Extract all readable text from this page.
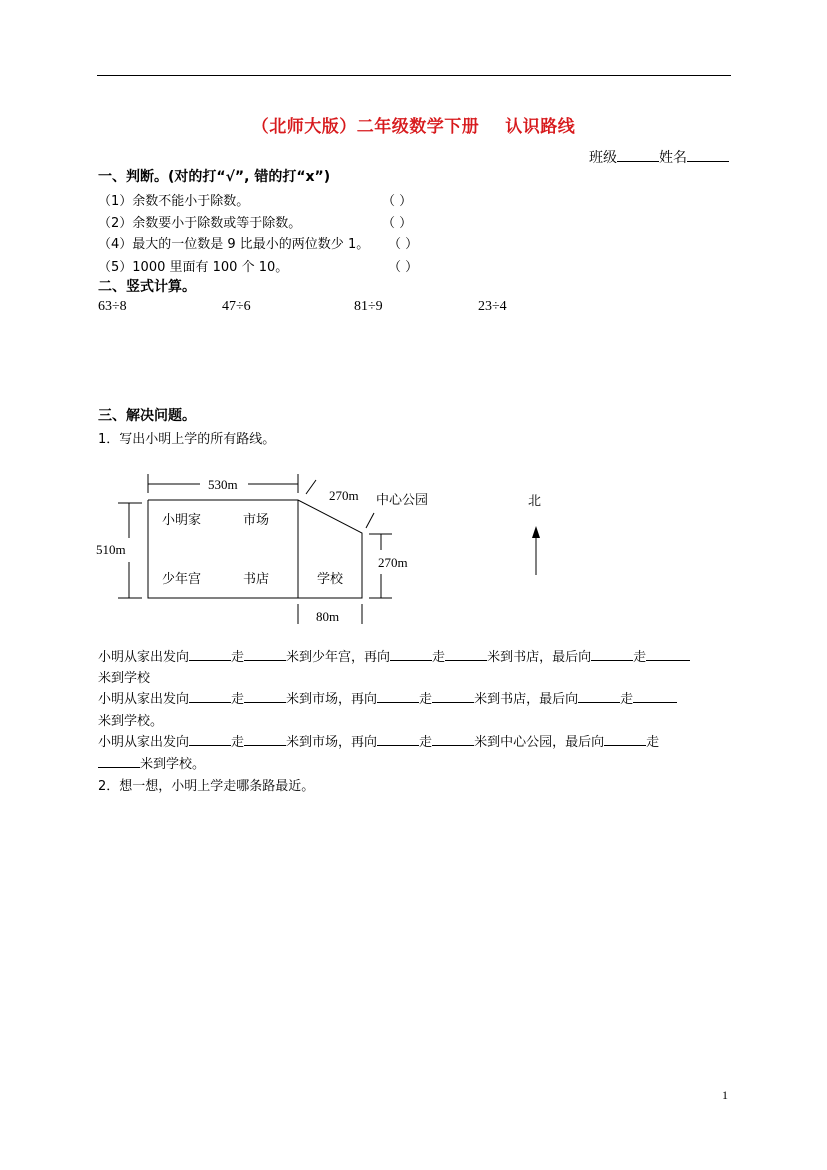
（北师大版）二年级数学下册 认识路线
班级	姓名
一、判断。(对的打“√”, 错的打“x”)
（1）余数不能小于除数。	（ ）
（2）余数要小于除数或等于除数。	（ ）
（4）最大的一位数是 9 比最小的两位数少 1。 （ ）
（5）1000 里面有 100 个 10。	（ ）
二、竖式计算。
63÷8	47÷6	81÷9	23÷4
三、解决问题。
1．写出小明上学的所有路线。
530m
270m
510m
270m
80m
小明家	市场
少年宫	书店	学校
中心公园	北
小明从家出发向	走	米到少年宫，再向	走	米到书店，最后向	走
米到学校
小明从家出发向	走	米到市场，再向	走	米到书店，最后向	走
米到学校。
小明从家出发向	走	米到市场，再向	走	米到中心公园，最后向	走
米到学校。
2．想一想，小明上学走哪条路最近。
1
